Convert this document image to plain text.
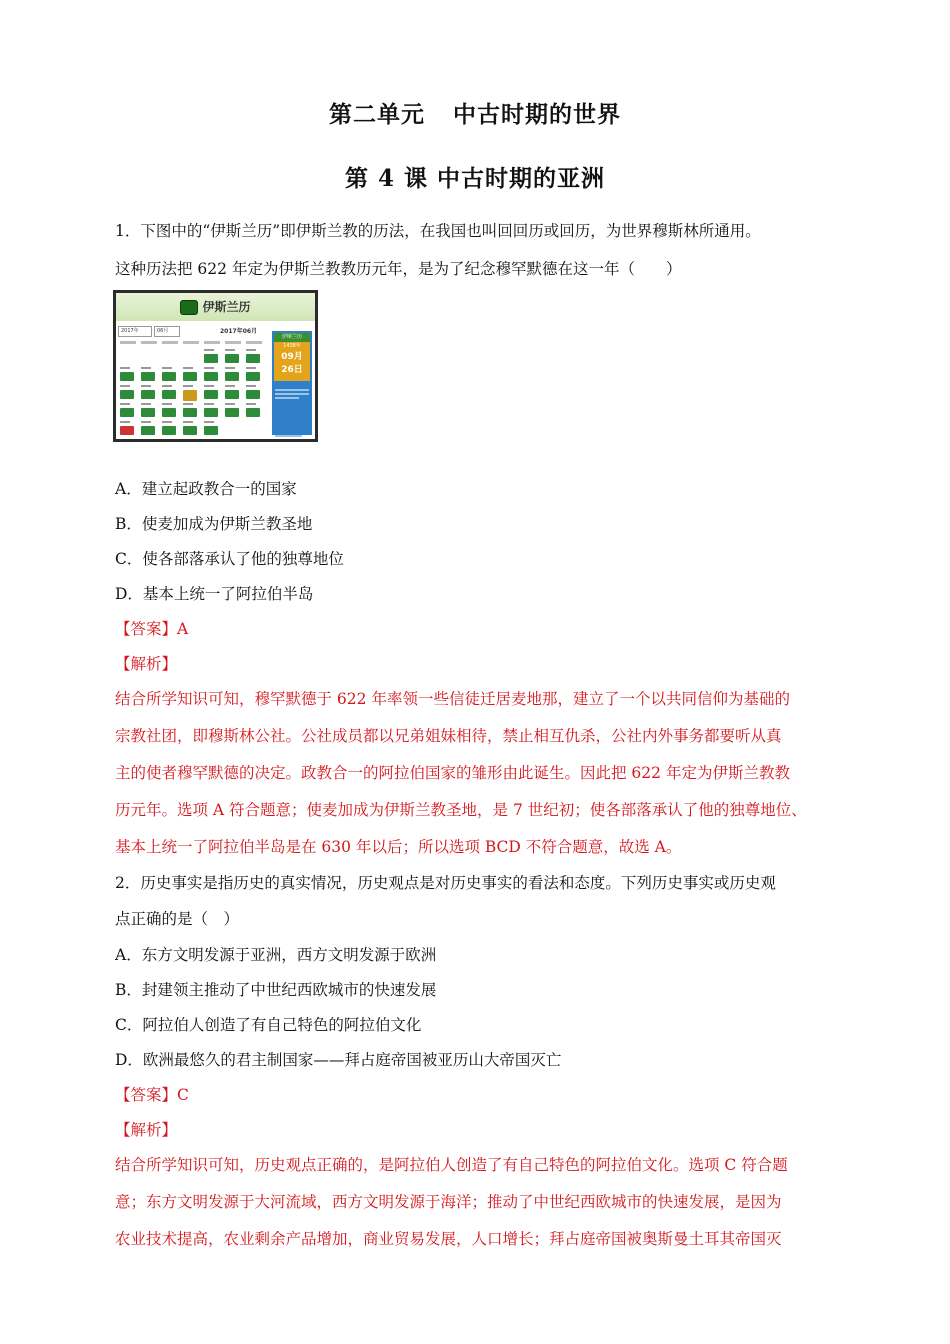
第二单元 中古时期的世界
第 4 课 中古时期的亚洲
1．下图中的“伊斯兰历”即伊斯兰教的历法，在我国也叫回回历或回历，为世界穆斯林所通用。
这种历法把 622 年定为伊斯兰教教历元年，是为了纪念穆罕默德在这一年（　　）
伊斯兰历
2017年	06月	2017年06月
伊斯兰历
1438年
09月
26日
A．建立起政教合一的国家
B．使麦加成为伊斯兰教圣地
C．使各部落承认了他的独尊地位
D．基本上统一了阿拉伯半岛
【答案】A
【解析】
结合所学知识可知，穆罕默德于 622 年率领一些信徒迁居麦地那，建立了一个以共同信仰为基础的
宗教社团，即穆斯林公社。公社成员都以兄弟姐妹相待，禁止相互仇杀，公社内外事务都要听从真
主的使者穆罕默德的决定。政教合一的阿拉伯国家的雏形由此诞生。因此把 622 年定为伊斯兰教教
历元年。选项 A 符合题意；使麦加成为伊斯兰教圣地，是 7 世纪初；使各部落承认了他的独尊地位、
基本上统一了阿拉伯半岛是在 630 年以后；所以选项 BCD 不符合题意，故选 A。
2．历史事实是指历史的真实情况，历史观点是对历史事实的看法和态度。下列历史事实或历史观
点正确的是（　）
A．东方文明发源于亚洲，西方文明发源于欧洲
B．封建领主推动了中世纪西欧城市的快速发展
C．阿拉伯人创造了有自己特色的阿拉伯文化
D．欧洲最悠久的君主制国家——拜占庭帝国被亚历山大帝国灭亡
【答案】C
【解析】
结合所学知识可知，历史观点正确的，是阿拉伯人创造了有自己特色的阿拉伯文化。选项 C 符合题
意；东方文明发源于大河流域，西方文明发源于海洋；推动了中世纪西欧城市的快速发展，是因为
农业技术提高，农业剩余产品增加，商业贸易发展，人口增长；拜占庭帝国被奥斯曼土耳其帝国灭
